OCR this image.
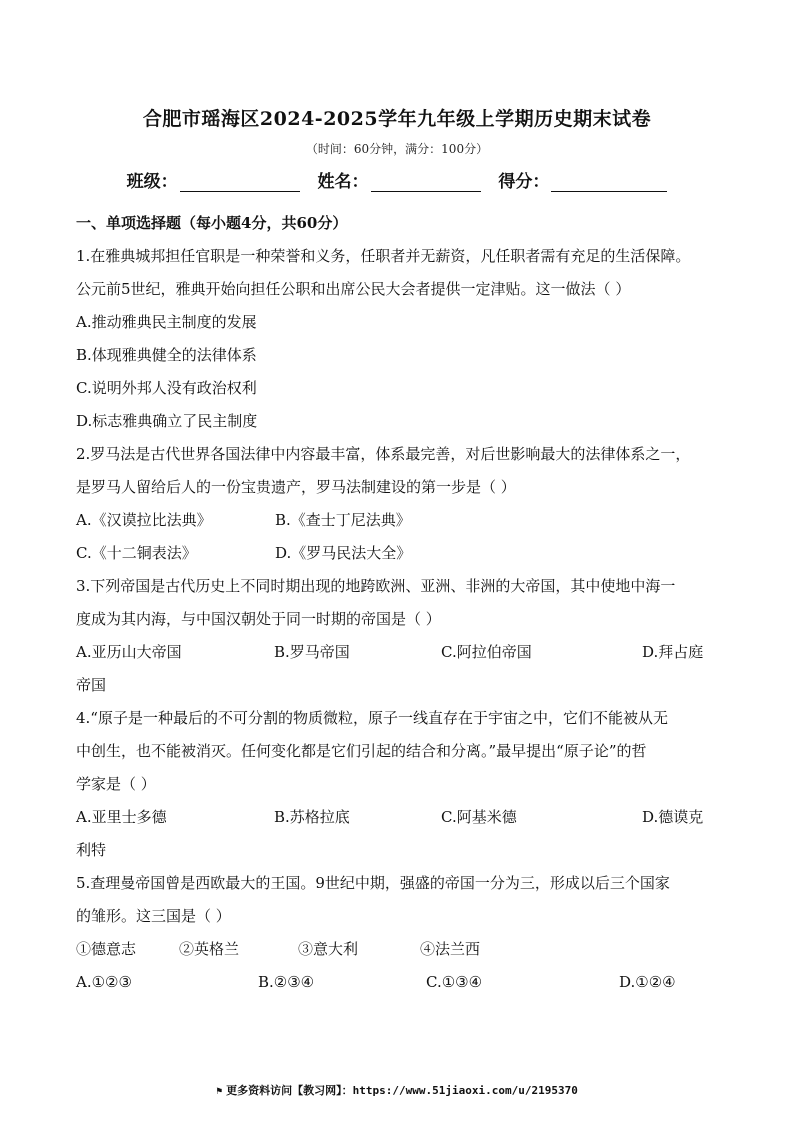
合肥市瑶海区2024-2025学年九年级上学期历史期末试卷
（时间：60分钟，满分：100分）
班级：	姓名：	得分：
一、单项选择题（每小题4分，共60分）
1.在雅典城邦担任官职是一种荣誉和义务，任职者并无薪资，凡任职者需有充足的生活保障。
公元前5世纪，雅典开始向担任公职和出席公民大会者提供一定津贴。这一做法（ ）
A.推动雅典民主制度的发展
B.体现雅典健全的法律体系
C.说明外邦人没有政治权利
D.标志雅典确立了民主制度
2.罗马法是古代世界各国法律中内容最丰富，体系最完善，对后世影响最大的法律体系之一，
是罗马人留给后人的一份宝贵遗产，罗马法制建设的第一步是（ ）
A.《汉谟拉比法典》	B.《查士丁尼法典》
C.《十二铜表法》	D.《罗马民法大全》
3.下列帝国是古代历史上不同时期出现的地跨欧洲、亚洲、非洲的大帝国，其中使地中海一
度成为其内海，与中国汉朝处于同一时期的帝国是（ ）
A.亚历山大帝国	B.罗马帝国	C.阿拉伯帝国	D.拜占庭
帝国
4.“原子是一种最后的不可分割的物质微粒，原子一线直存在于宇宙之中，它们不能被从无
中创生，也不能被消灭。任何变化都是它们引起的结合和分离。”最早提出“原子论”的哲
学家是（ ）
A.亚里士多德	B.苏格拉底	C.阿基米德	D.德谟克
利特
5.查理曼帝国曾是西欧最大的王国。9世纪中期，强盛的帝国一分为三，形成以后三个国家
的雏形。这三国是（ ）
①德意志	②英格兰	③意大利	④法兰西
A.①②③	B.②③④	C.①③④	D.①②④
⚑ 更多资料访问【教习网】：https://www.51jiaoxi.com/u/2195370
